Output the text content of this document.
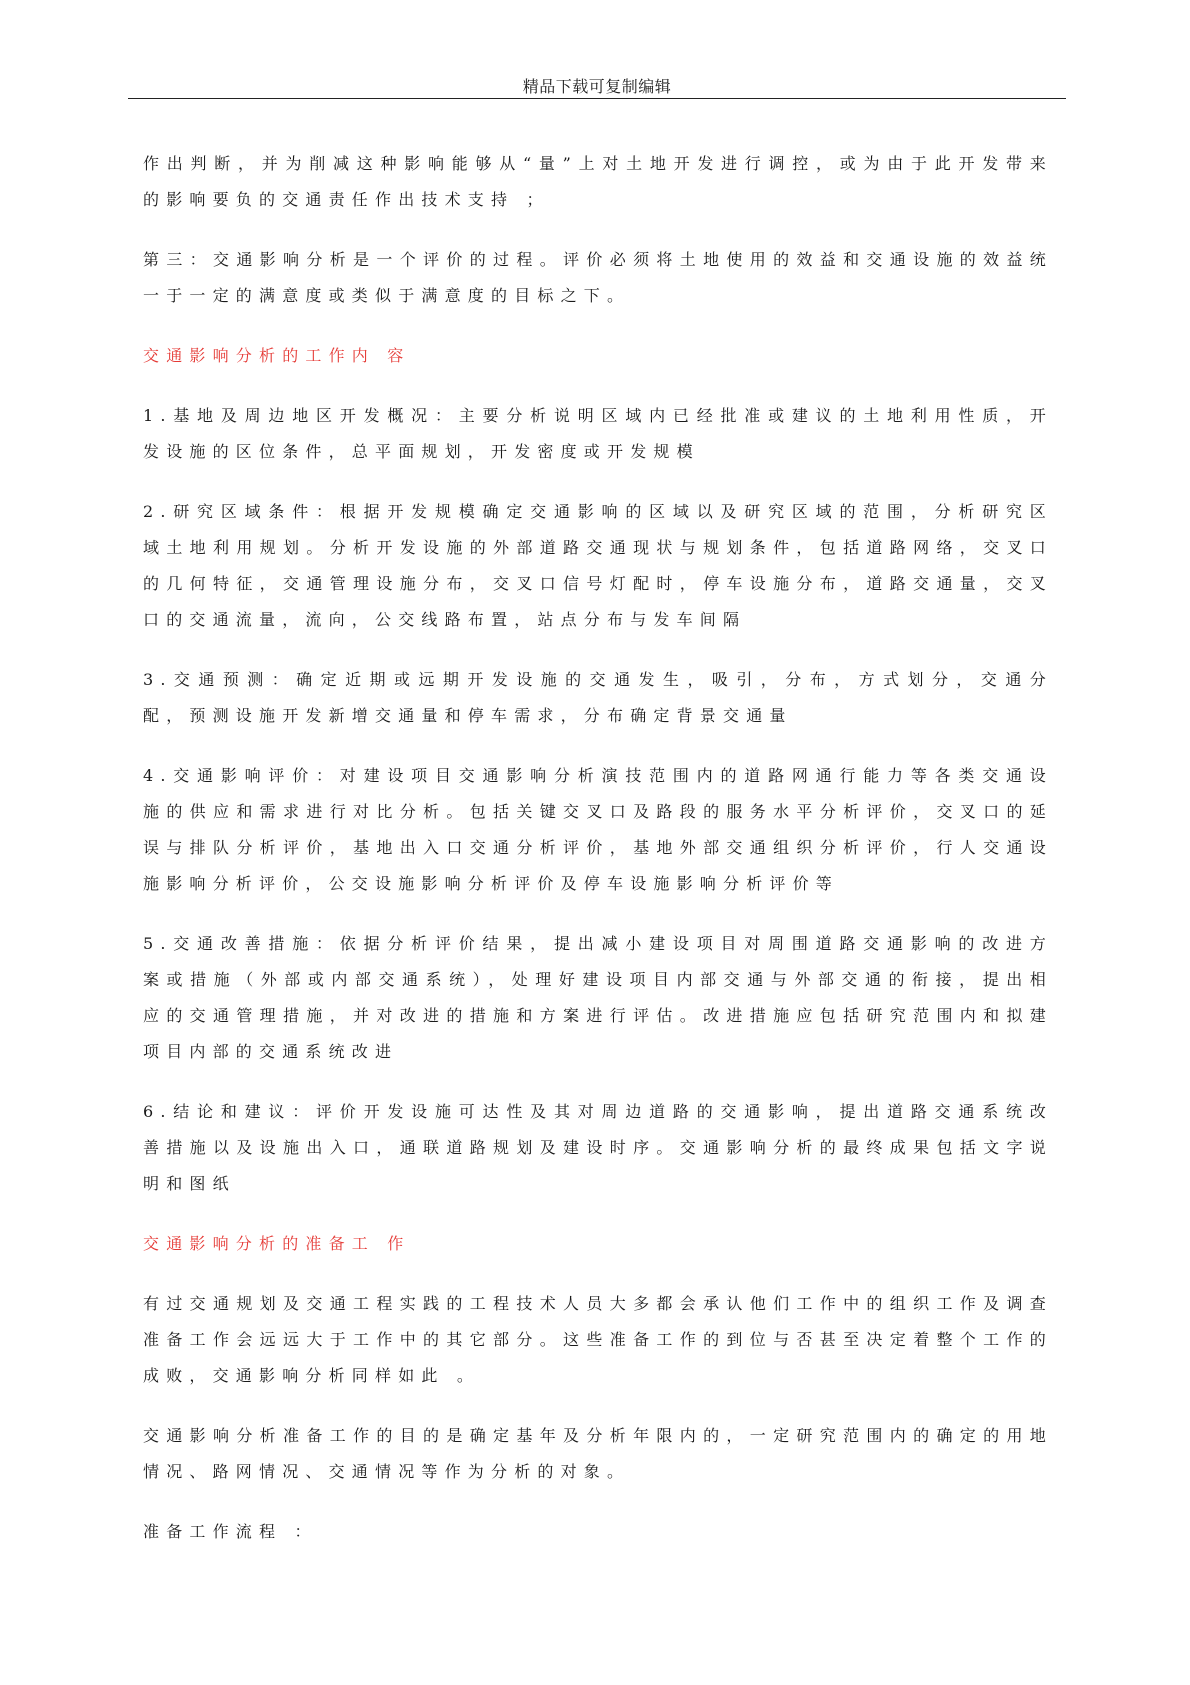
精品下载可复制编辑

作出判断，并为削减这种影响能够从“量”上对土地开发进行调控，或为由于此开发带来的影响要负的交通责任作出技术支持 ；

第三：交通影响分析是一个评价的过程。评价必须将土地使用的效益和交通设施的效益统一于一定的满意度或类似于满意度的目标之下。

交通影响分析的工作内 容

1.基地及周边地区开发概况：主要分析说明区域内已经批准或建议的土地利用性质，开发设施的区位条件，总平面规划，开发密度或开发规模

2.研究区域条件：根据开发规模确定交通影响的区域以及研究区域的范围，分析研究区域土地利用规划。分析开发设施的外部道路交通现状与规划条件，包括道路网络，交叉口的几何特征，交通管理设施分布，交叉口信号灯配时，停车设施分布，道路交通量，交叉口的交通流量，流向，公交线路布置，站点分布与发车间隔

3.交通预测：确定近期或远期开发设施的交通发生，吸引，分布，方式划分，交通分配，预测设施开发新增交通量和停车需求，分布确定背景交通量

4.交通影响评价：对建设项目交通影响分析演技范围内的道路网通行能力等各类交通设施的供应和需求进行对比分析。包括关键交叉口及路段的服务水平分析评价，交叉口的延误与排队分析评价，基地出入口交通分析评价，基地外部交通组织分析评价，行人交通设施影响分析评价，公交设施影响分析评价及停车设施影响分析评价等

5.交通改善措施：依据分析评价结果，提出减小建设项目对周围道路交通影响的改进方案或措施（外部或内部交通系统），处理好建设项目内部交通与外部交通的衔接，提出相应的交通管理措施，并对改进的措施和方案进行评估。改进措施应包括研究范围内和拟建项目内部的交通系统改进

6.结论和建议：评价开发设施可达性及其对周边道路的交通影响，提出道路交通系统改善措施以及设施出入口，通联道路规划及建设时序。交通影响分析的最终成果包括文字说明和图纸

交通影响分析的准备工 作

有过交通规划及交通工程实践的工程技术人员大多都会承认他们工作中的组织工作及调查准备工作会远远大于工作中的其它部分。这些准备工作的到位与否甚至决定着整个工作的成败，交通影响分析同样如此 。

交通影响分析准备工作的目的是确定基年及分析年限内的，一定研究范围内的确定的用地情况、路网情况、交通情况等作为分析的对象。

准备工作流程 ：
